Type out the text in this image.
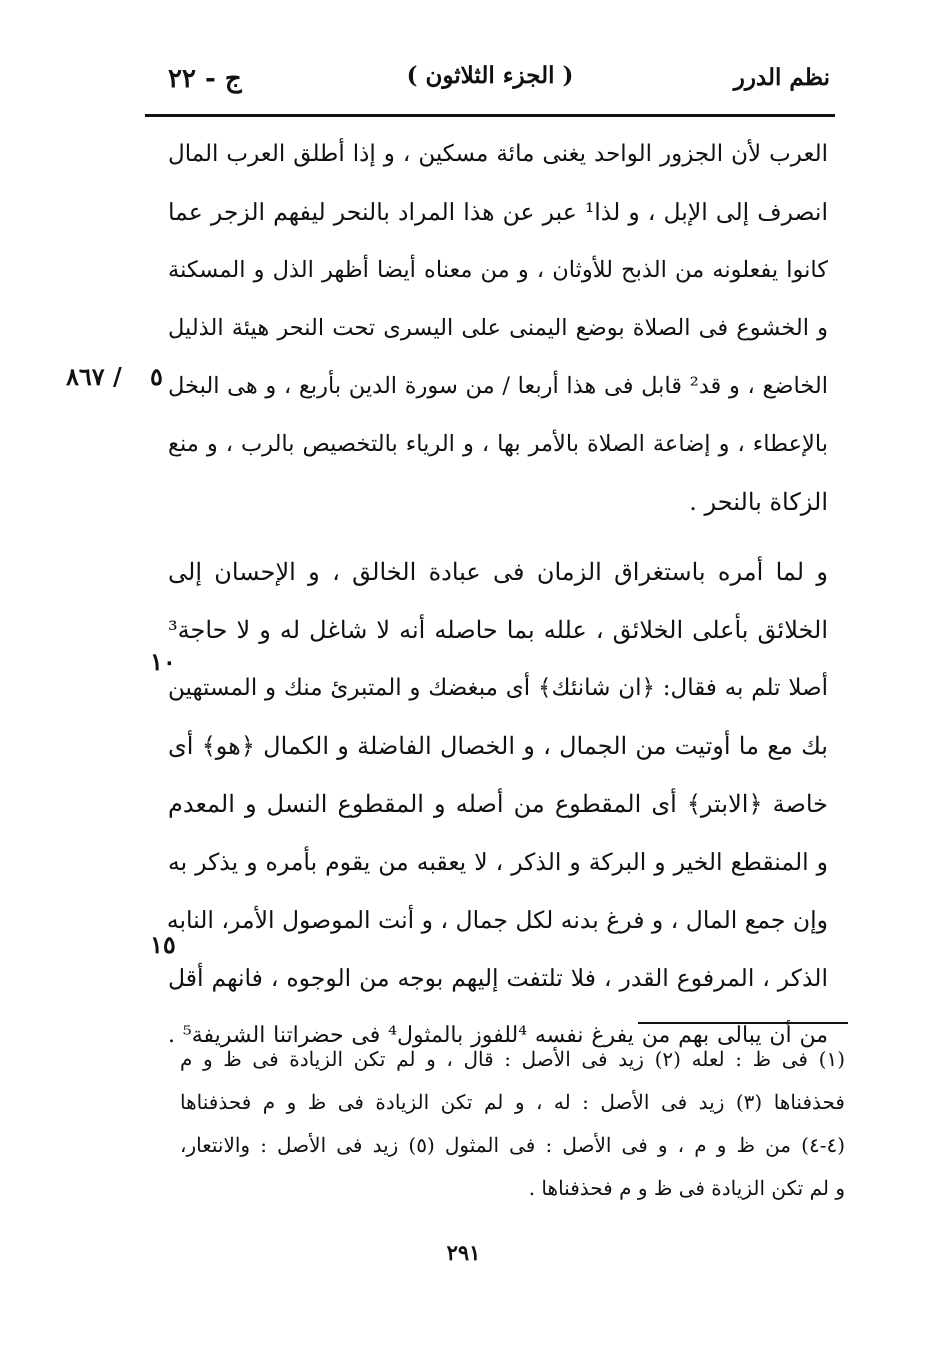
نظم الدرر
( الجزء الثلاثون )
ج - ٢٢
٨٦٧ / ٥
١٠
١٥
العرب لأن الجزور الواحد يغنى مائة مسكين ، و إذا أطلق العرب المال
انصرف إلى الإبل ، و لذا¹ عبر عن هذا المراد بالنحر ليفهم الزجر عما
كانوا يفعلونه من الذبح للأوثان ، و من معناه أيضا أظهر الذل و المسكنة
و الخشوع فى الصلاة بوضع اليمنى على اليسرى تحت النحر هيئة الذليل
الخاضع ، و قد² قابل فى هذا أربعا / من سورة الدين بأربع ، و هى البخل
بالإعطاء ، و إضاعة الصلاة بالأمر بها ، و الرياء بالتخصيص بالرب ، و منع
الزكاة بالنحر .
و لما أمره باستغراق الزمان فى عبادة الخالق ، و الإحسان إلى
الخلائق بأعلى الخلائق ، علله بما حاصله أنه لا شاغل له و لا حاجة³
أصلا تلم به فقال: ﴿ان شانئك﴾ أى مبغضك و المتبرئ منك و المستهين
بك مع ما أوتيت من الجمال ، و الخصال الفاضلة و الكمال ﴿هو﴾ أى
خاصة ﴿الابتر﴾ أى المقطوع من أصله و المقطوع النسل و المعدم
و المنقطع الخير و البركة و الذكر ، لا يعقبه من يقوم بأمره و يذكر به
وإن جمع المال ، و فرغ بدنه لكل جمال ، و أنت الموصول الأمر، النابه
الذكر ، المرفوع القدر ، فلا تلتفت إليهم بوجه من الوجوه ، فانهم أقل
من أن يبالى بهم من يفرغ نفسه ⁴للفوز بالمثول⁴ فى حضراتنا الشريفة⁵ .
(١) فى ظ : لعله (٢) زيد فى الأصل : قال ، و لم تكن الزيادة فى ظ و م
فحذفناها (٣) زيد فى الأصل : له ، و لم تكن الزيادة فى ظ و م فحذفناها
(٤-٤) من ظ و م ، و فى الأصل : فى المثول (٥) زيد فى الأصل : والانتعار،
و لم تكن الزيادة فى ظ و م فحذفناها .
٢٩١
